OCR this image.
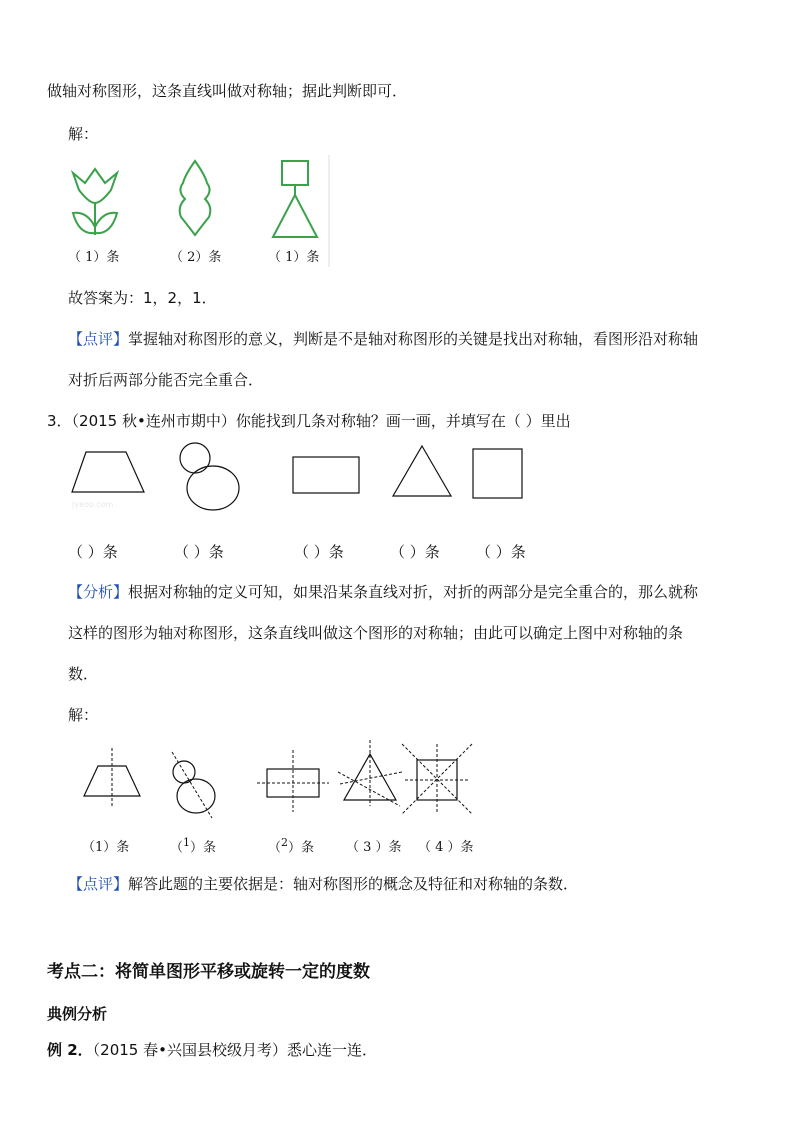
做轴对称图形，这条直线叫做对称轴；据此判断即可．
解：
（ 1）条	（ 2）条	（ 1）条
故答案为：1，2，1．
【点评】掌握轴对称图形的意义，判断是不是轴对称图形的关键是找出对称轴，看图形沿对称轴
对折后两部分能否完全重合．
3．（2015 秋•连州市期中）你能找到几条对称轴？画一画，并填写在（ ）里出
Jyeoo.com
（ ）条	（ ）条	（ ）条	（ ）条 （ ）条
【分析】根据对称轴的定义可知，如果沿某条直线对折，对折的两部分是完全重合的，那么就称
这样的图形为轴对称图形，这条直线叫做这个图形的对称轴；由此可以确定上图中对称轴的条
数．
解：
（1）条	（$^1$）条	（$^2$）条 （ 3 ）条 （ 4 ）条
【点评】解答此题的主要依据是：轴对称图形的概念及特征和对称轴的条数．
考点二：将简单图形平移或旋转一定的度数
典例分析
例 2．（2015 春•兴国县校级月考）悉心连一连．
